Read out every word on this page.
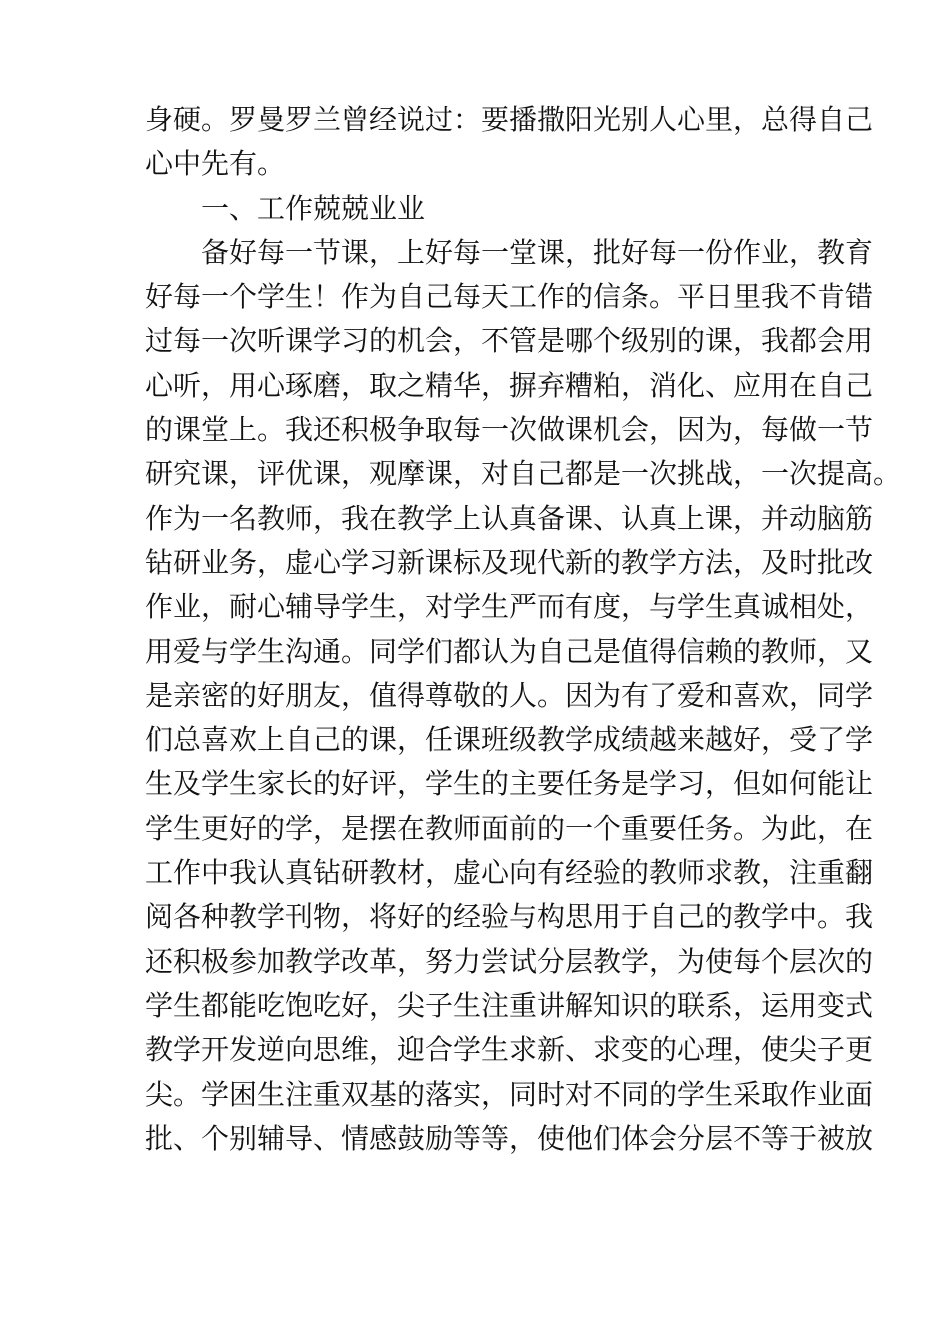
身硬。罗曼罗兰曾经说过：要播撒阳光别人心里，总得自己
心中先有。
一、工作兢兢业业
备好每一节课，上好每一堂课，批好每一份作业，教育
好每一个学生！作为自己每天工作的信条。平日里我不肯错
过每一次听课学习的机会，不管是哪个级别的课，我都会用
心听，用心琢磨，取之精华，摒弃糟粕，消化、应用在自己
的课堂上。我还积极争取每一次做课机会，因为，每做一节
研究课，评优课，观摩课，对自己都是一次挑战，一次提高。
作为一名教师，我在教学上认真备课、认真上课，并动脑筋
钻研业务，虚心学习新课标及现代新的教学方法，及时批改
作业，耐心辅导学生，对学生严而有度，与学生真诚相处，
用爱与学生沟通。同学们都认为自己是值得信赖的教师，又
是亲密的好朋友，值得尊敬的人。因为有了爱和喜欢，同学
们总喜欢上自己的课，任课班级教学成绩越来越好，受了学
生及学生家长的好评，学生的主要任务是学习，但如何能让
学生更好的学，是摆在教师面前的一个重要任务。为此，在
工作中我认真钻研教材，虚心向有经验的教师求教，注重翻
阅各种教学刊物，将好的经验与构思用于自己的教学中。我
还积极参加教学改革，努力尝试分层教学，为使每个层次的
学生都能吃饱吃好，尖子生注重讲解知识的联系，运用变式
教学开发逆向思维，迎合学生求新、求变的心理，使尖子更
尖。学困生注重双基的落实，同时对不同的学生采取作业面
批、个别辅导、情感鼓励等等，使他们体会分层不等于被放
